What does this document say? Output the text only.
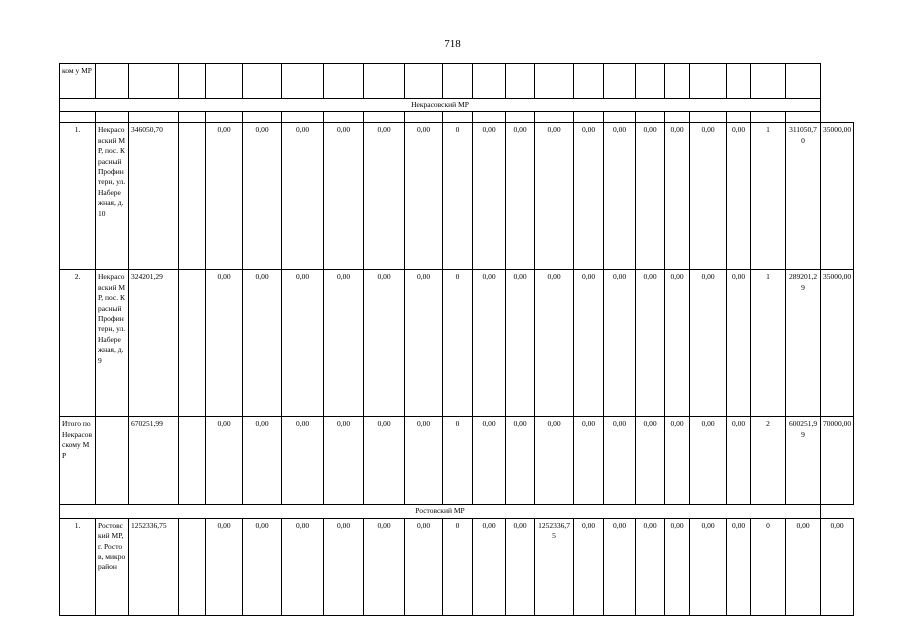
718
ком у МР																						
Некрасовский МР																						

1.	Некрасовский МР, пос. Красный Профинтерн, ул. Набережная, д. 10	346050,70		0,00	0,00	0,00	0,00	0,00	0,00	0	0,00	0,00	0,00	0,00	0,00	0,00	0,00	0,00	0,00	1	311050,70	35000,00
2.	Некрасовский МР, пос. Красный Профинтерн, ул. Набережная, д. 9	324201,29		0,00	0,00	0,00	0,00	0,00	0,00	0	0,00	0,00	0,00	0,00	0,00	0,00	0,00	0,00	0,00	1	289201,29	35000,00
Итого по Некрасовскому МР		670251,99		0,00	0,00	0,00	0,00	0,00	0,00	0	0,00	0,00	0,00	0,00	0,00	0,00	0,00	0,00	0,00	2	600251,99	70000,00
Ростовский МР																						
1.	Ростовский МР, г. Ростов, микрорайон	1252336,75		0,00	0,00	0,00	0,00	0,00	0,00	0	0,00	0,00	1252336,75	0,00	0,00	0,00	0,00	0,00	0,00	0	0,00	0,00
